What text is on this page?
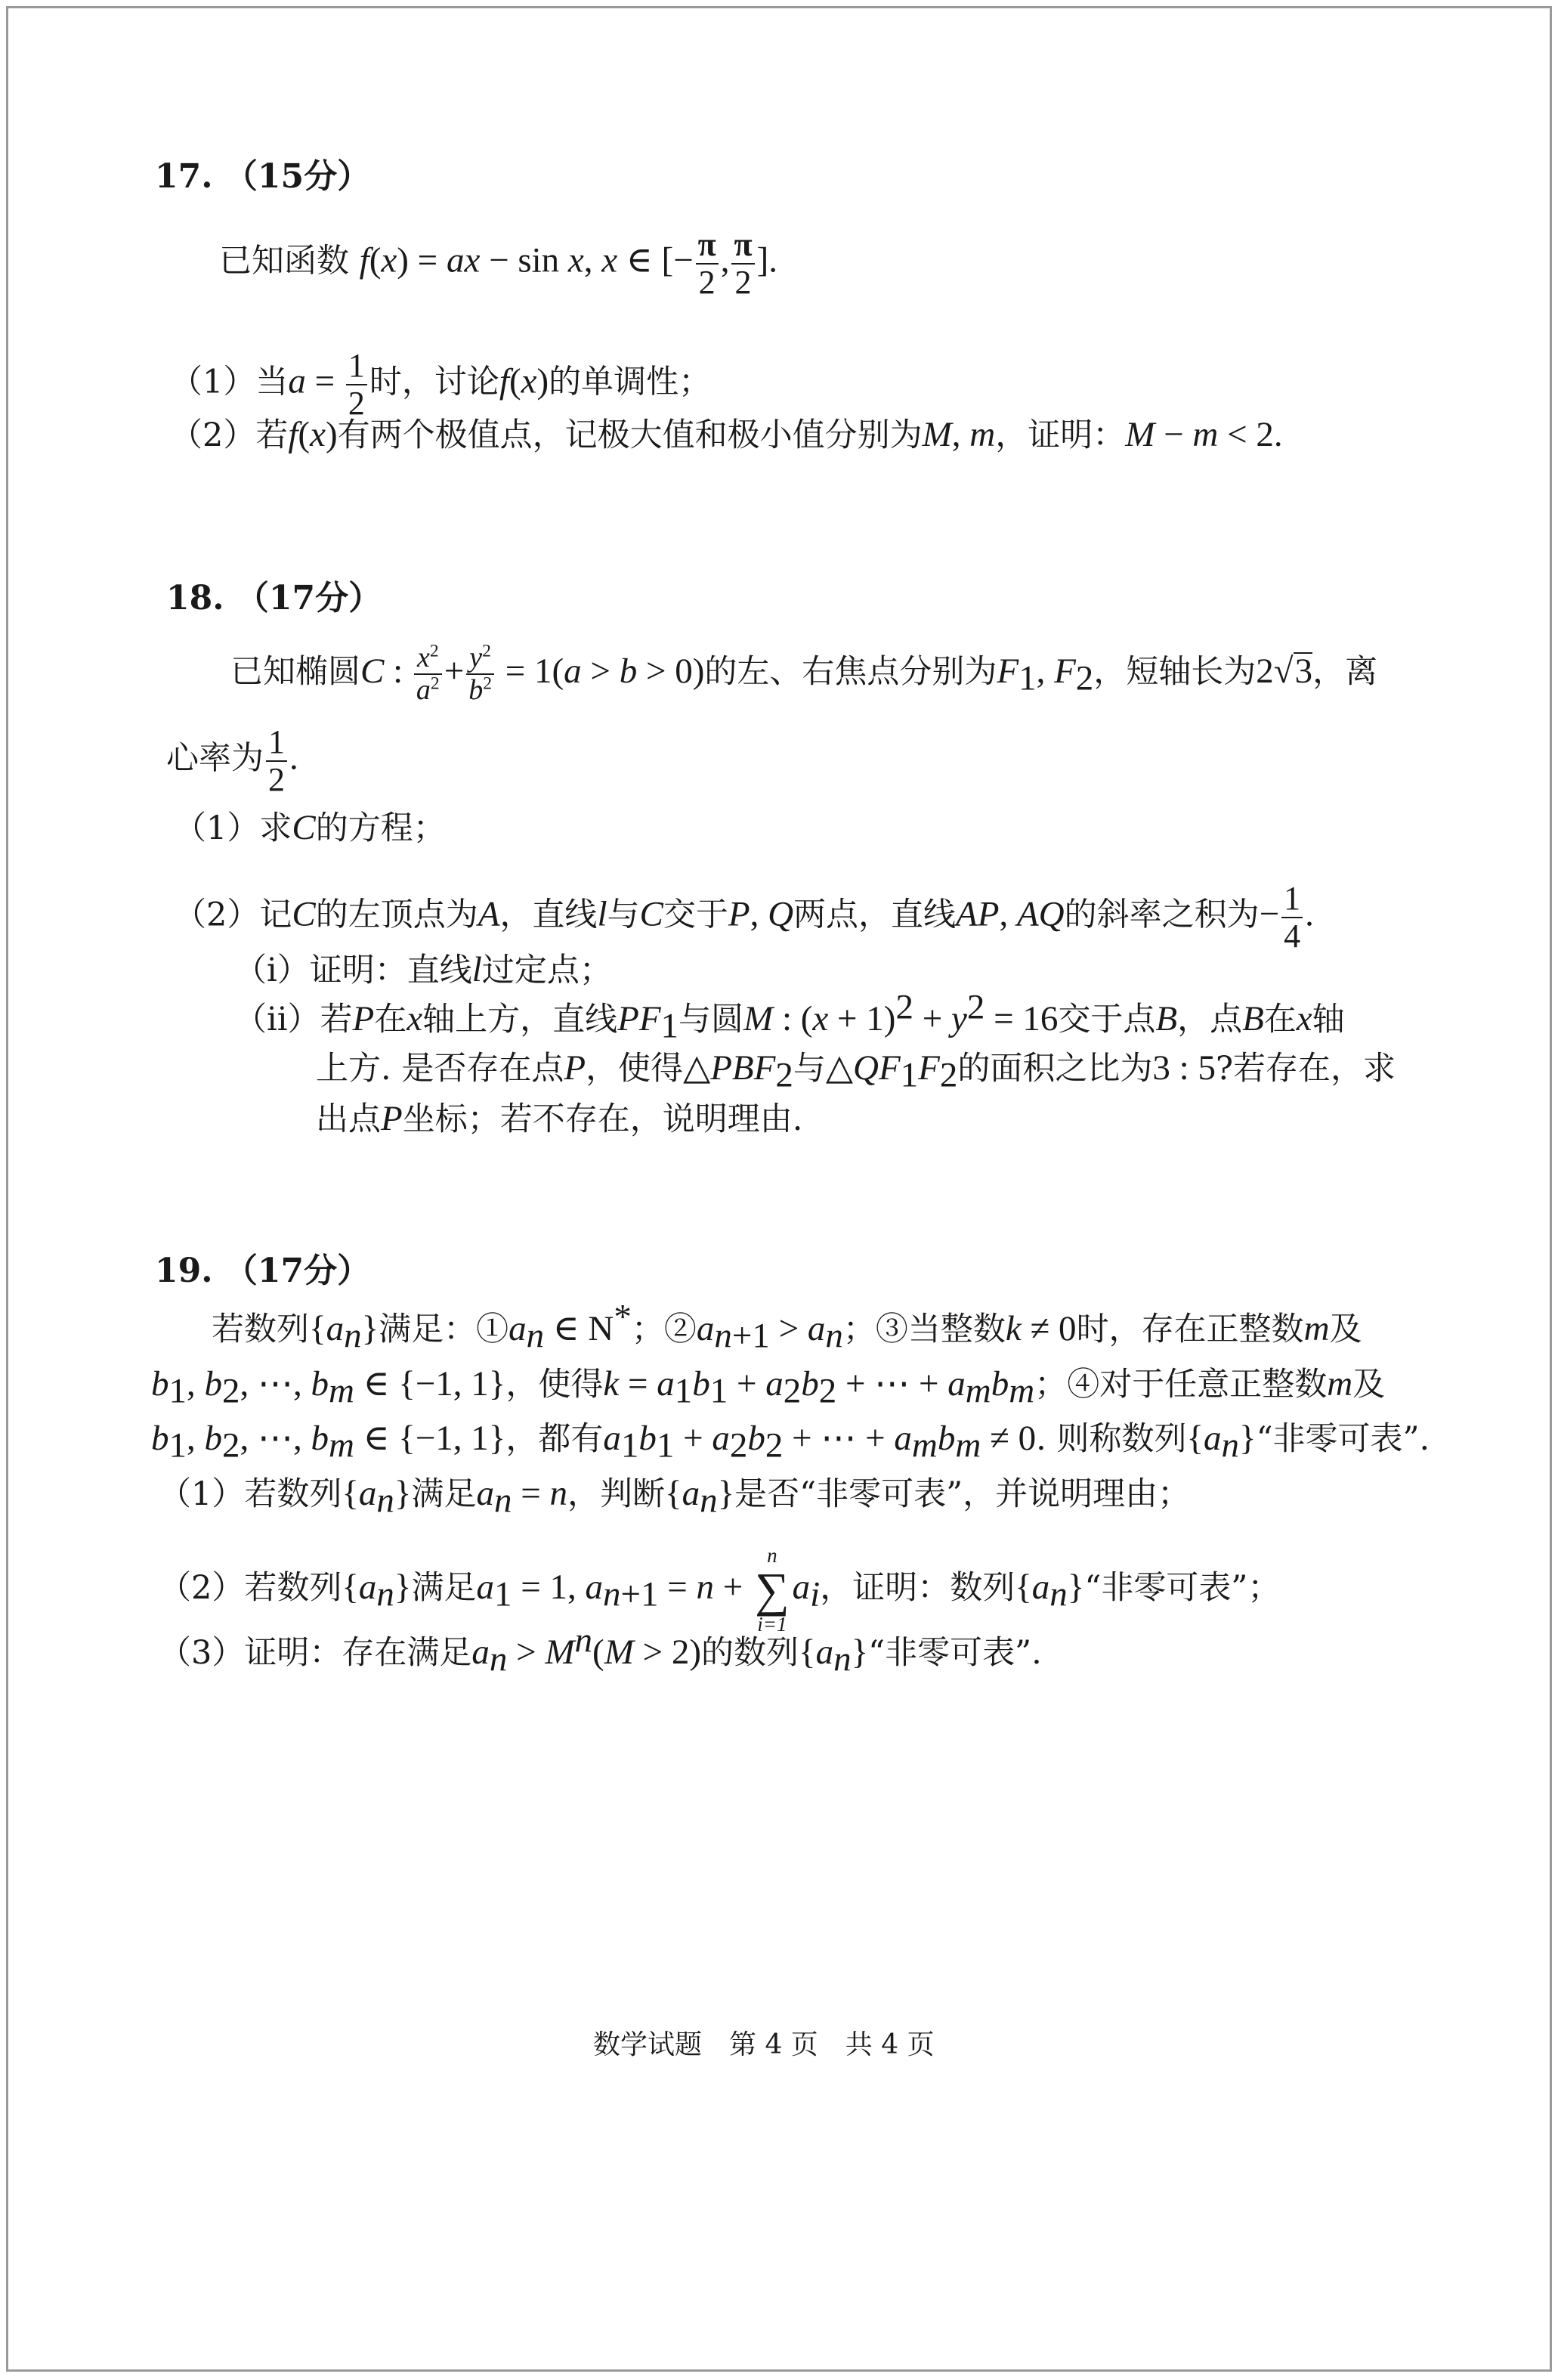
17. （15分）
已知函数 f(x) = ax − sin x, x ∈ [− $\frac{\pi}{2}$ , $\frac{\pi}{2}$ ].
（1）当$a = \frac{1}{2}$ 时，讨论f(x)的单调性；
（2）若f(x)有两个极值点，记极大值和极小值分别为M, m，证明：M − m < 2.
18. （17分）
已知椭圆C : $\frac{x^2}{a^2} + \frac{y^2}{b^2} = 1(a > b > 0)$的左、右焦点分别为$F_1$, $F_2$，短轴长为2√3，离
心率为 $\frac{1}{2}$ .
（1）求C的方程；
（2）记C的左顶点为A，直线l与C交于P, Q两点，直线AP, AQ的斜率之积为− $\frac{1}{4}$ .
（ⅰ）证明：直线l过定点；
（ⅱ）若P在x轴上方，直线$PF_1$与圆M : $(x + 1)^2 + y^2 = 16$交于点B，点B在x轴
上方. 是否存在点P，使得$\triangle PBF_2$与$\triangle QF_1F_2$的面积之比为3 : 5?若存在，求
出点P坐标；若不存在，说明理由.
19. （17分）
若数列$\{a_n\}$满足：$①a_n$ ∈ N*；$②a_{n+1} > a_n$；③当整数k ≠ 0时，存在正整数m及
$b_1$, $b_2$, ⋯, $b_m$ ∈ {−1, 1}，使得$k = a_1b_1 + a_2b_2$ + ⋯ + $a_mb_m$；④对于任意正整数m及
$b_1$, $b_2$, ⋯, $b_m$ ∈ {−1, 1}，都有$a_1b_1 + a_2b_2$ + ⋯ + $a_mb_m \ne 0$. 则称数列$\{a_n\}“$非零可表”.
（1）若数列$\{a_n\}$满足$a_n = n$，判断$\{a_n\}$是否“非零可表”，并说明理由；
（2）若数列$\{a_n\}$满足$a_1 = 1$, $a_{n+1} = n$ +
n
∑
i=1
$a_i$，证明：数列$\{a_n\}“$非零可表”；
（3）证明：存在满足$a_n > M^n(M > 2)$的数列$\{a_n\}“$非零可表”.
数学试题　第 4 页　共 4 页
